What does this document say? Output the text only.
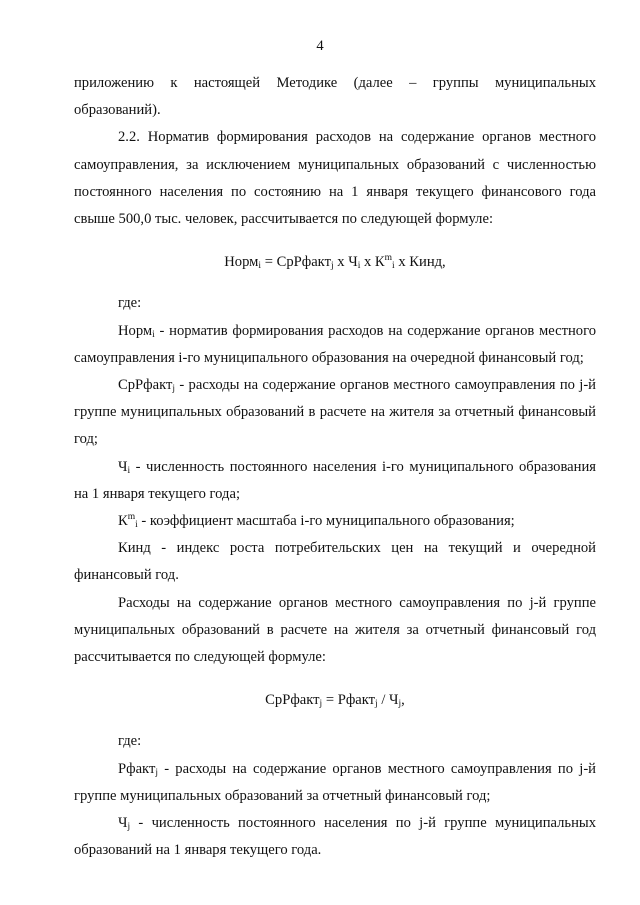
4

приложению к настоящей Методике (далее – группы муниципальных образований).

2.2. Норматив формирования расходов на содержание органов местного самоуправления, за исключением муниципальных образований с численностью постоянного населения по состоянию на 1 января текущего финансового года свыше 500,0 тыс. человек, рассчитывается по следующей формуле:

Норм$_i$ = СрРфакт$_j$ x $Ч_i$ x $К^m_i$ x Кинд,

где:

Норм$_i$ - норматив формирования расходов на содержание органов местного самоуправления i-го муниципального образования на очередной финансовый год;

СрРфакт$_j$ - расходы на содержание органов местного самоуправления по j-й группе муниципальных образований в расчете на жителя за отчетный финансовый год;

$Ч_i$ - численность постоянного населения i-го муниципального образования на 1 января текущего года;

$К^m_i$ - коэффициент масштаба i-го муниципального образования;

Кинд - индекс роста потребительских цен на текущий и очередной финансовый год.

Расходы на содержание органов местного самоуправления по j-й группе муниципальных образований в расчете на жителя за отчетный финансовый год рассчитывается по следующей формуле:

СрРфакт$_j$ = Рфакт$_j$ / $Ч_j$,

где:

Рфакт$_j$ - расходы на содержание органов местного самоуправления по j-й группе муниципальных образований за отчетный финансовый год;

$Ч_j$ - численность постоянного населения по j-й группе муниципальных образований на 1 января текущего года.
